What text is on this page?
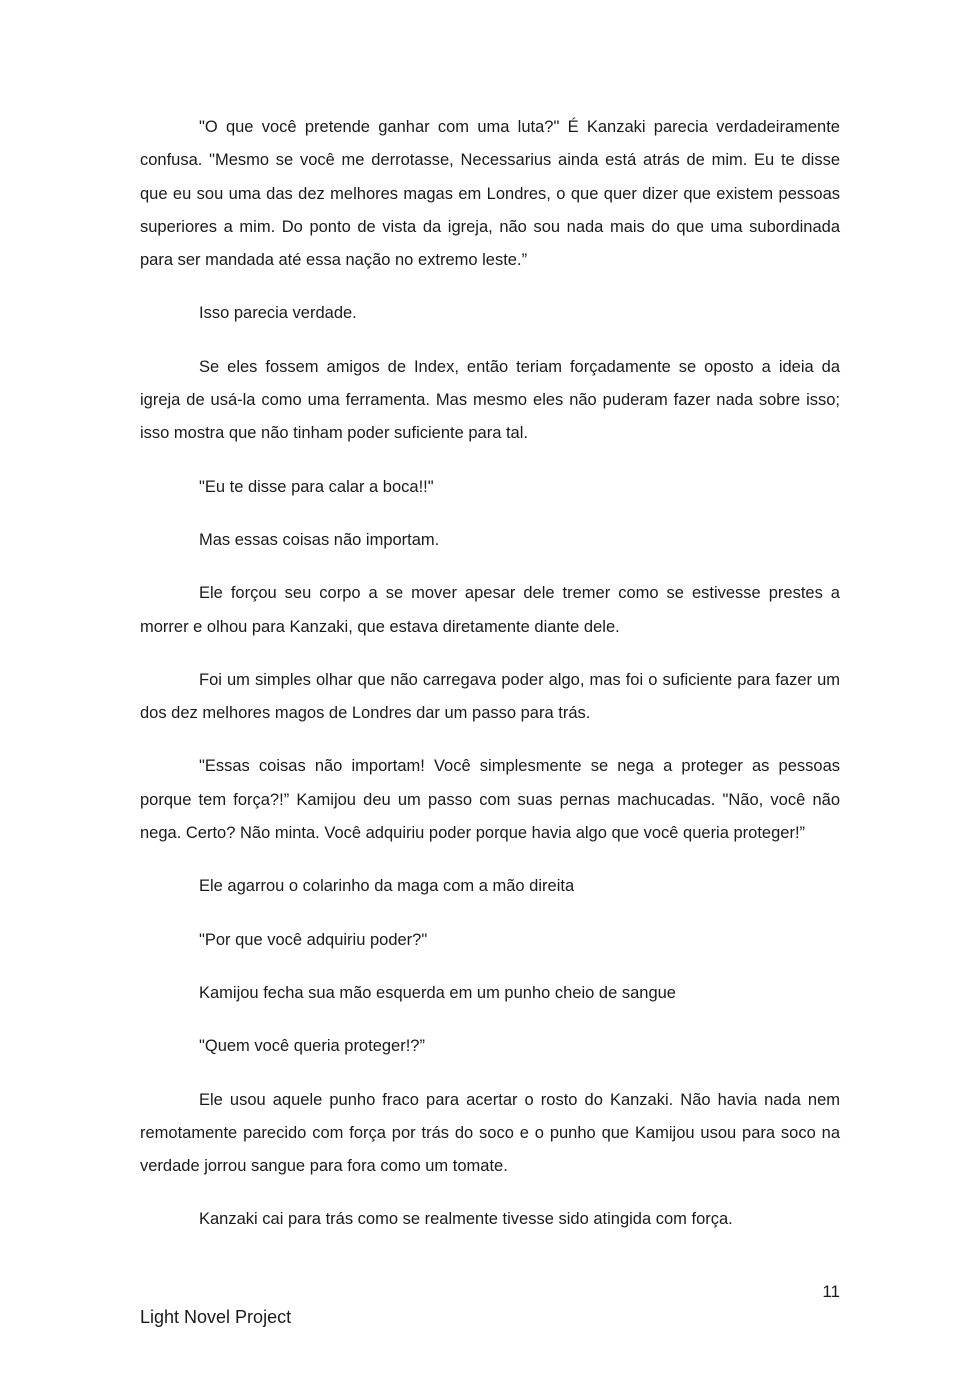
"O que você pretende ganhar com uma luta?" É Kanzaki parecia verdadeiramente confusa. "Mesmo se você me derrotasse, Necessarius ainda está atrás de mim. Eu te disse que eu sou uma das dez melhores magas em Londres, o que quer dizer que existem pessoas superiores a mim. Do ponto de vista da igreja, não sou nada mais do que uma subordinada para ser mandada até essa nação no extremo leste.”

Isso parecia verdade.

Se eles fossem amigos de Index, então teriam forçadamente se oposto a ideia da igreja de usá-la como uma ferramenta. Mas mesmo eles não puderam fazer nada sobre isso; isso mostra que não tinham poder suficiente para tal.

"Eu te disse para calar a boca!!"

Mas essas coisas não importam.

Ele forçou seu corpo a se mover apesar dele tremer como se estivesse prestes a morrer e olhou para Kanzaki, que estava diretamente diante dele.

Foi um simples olhar que não carregava poder algo, mas foi o suficiente para fazer um dos dez melhores magos de Londres dar um passo para trás.

"Essas coisas não importam! Você simplesmente se nega a proteger as pessoas porque tem força?!” Kamijou deu um passo com suas pernas machucadas. "Não, você não nega. Certo? Não minta. Você adquiriu poder porque havia algo que você queria proteger!”

Ele agarrou o colarinho da maga com a mão direita

"Por que você adquiriu poder?"

Kamijou fecha sua mão esquerda em um punho cheio de sangue

"Quem você queria proteger!?”

Ele usou aquele punho fraco para acertar o rosto do Kanzaki. Não havia nada nem remotamente parecido com força por trás do soco e o punho que Kamijou usou para soco na verdade jorrou sangue para fora como um tomate.

Kanzaki cai para trás como se realmente tivesse sido atingida com força.

11

Light Novel Project
